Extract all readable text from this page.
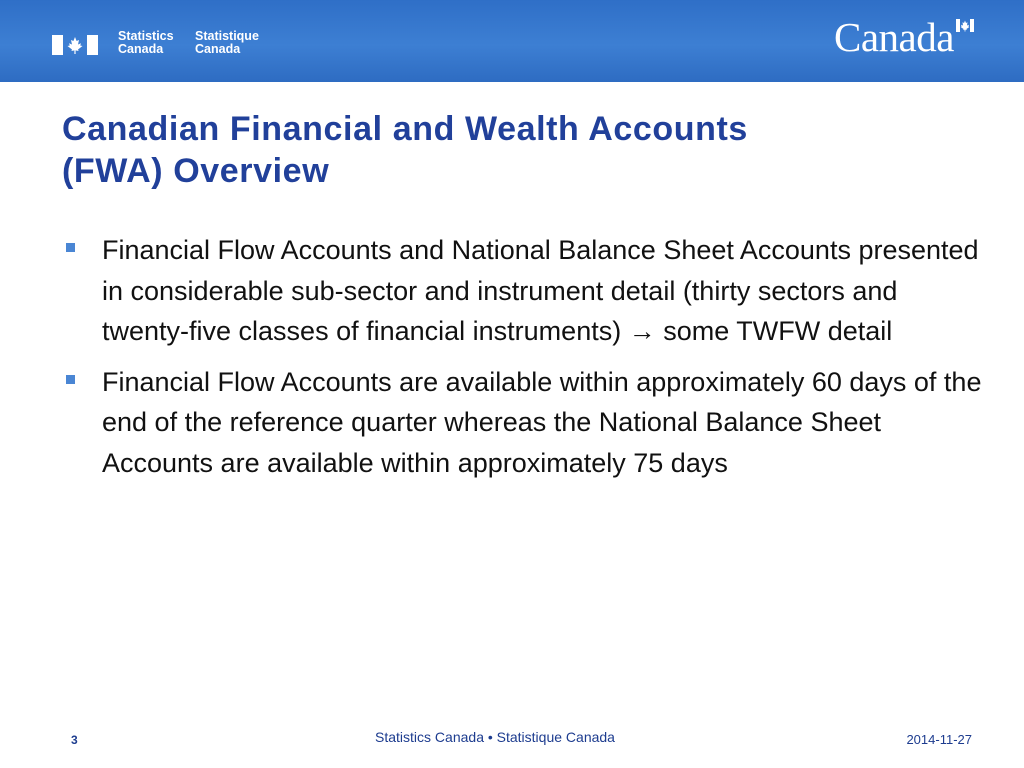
Statistics
Canada
Statistique
Canada	Canada
Canadian Financial and Wealth Accounts
(FWA) Overview
Financial Flow Accounts and National Balance Sheet Accounts presented in considerable sub-sector and instrument detail (thirty sectors and twenty-five classes of financial instruments) → some TWFW detail
Financial Flow Accounts are available within approximately 60 days of the end of the reference quarter whereas the National Balance Sheet Accounts are available within approximately 75 days
3	Statistics Canada • Statistique Canada	2014-11-27
